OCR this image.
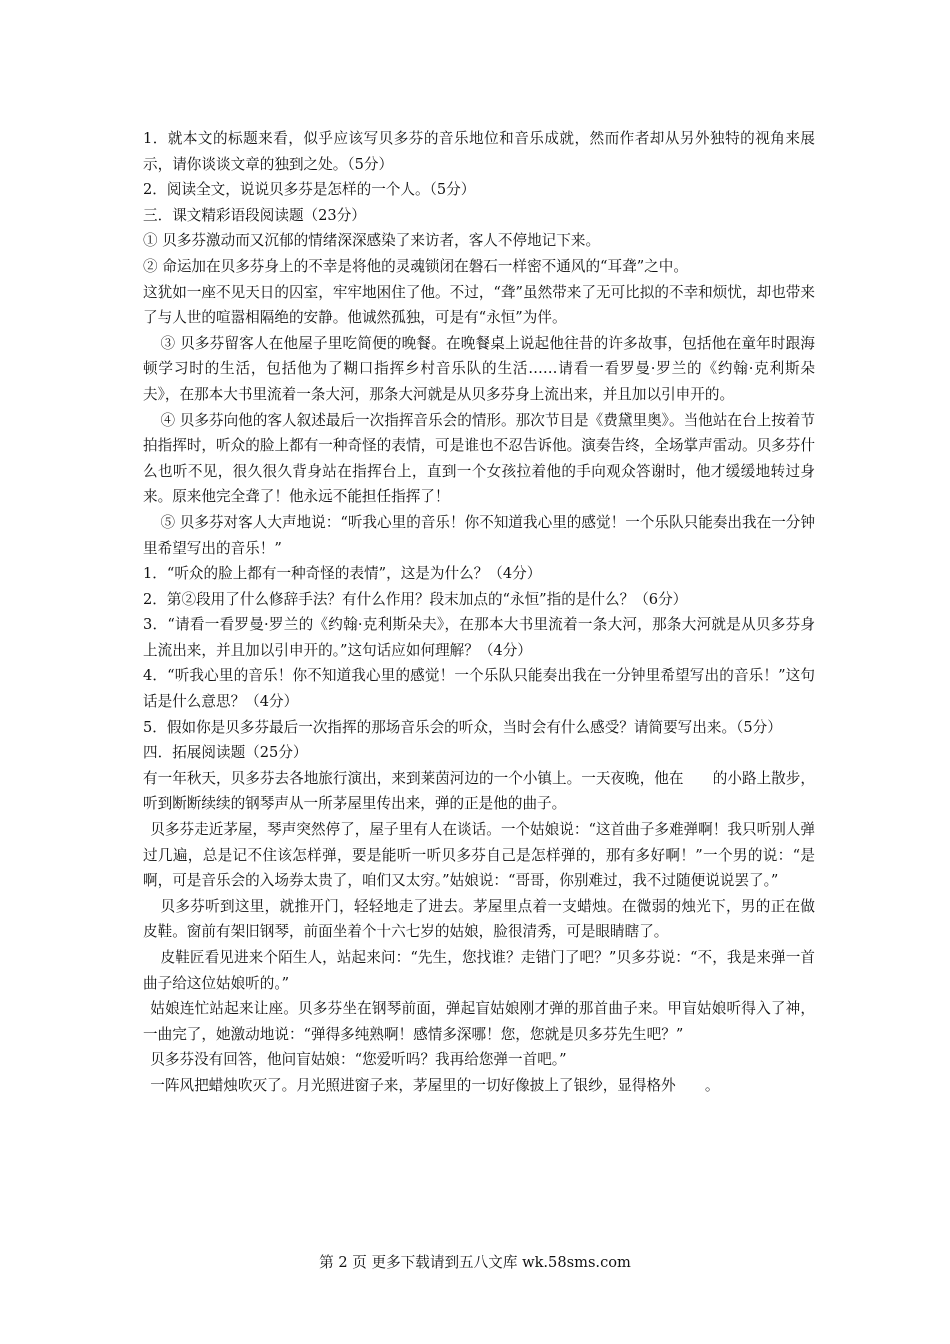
1．就本文的标题来看，似乎应该写贝多芬的音乐地位和音乐成就，然而作者却从另外独特的视角来展示，请你谈谈文章的独到之处。（5分）

2．阅读全文，说说贝多芬是怎样的一个人。（5分）

三．课文精彩语段阅读题（23分）

① 贝多芬激动而又沉郁的情绪深深感染了来访者，客人不停地记下来。

② 命运加在贝多芬身上的不幸是将他的灵魂锁闭在磐石一样密不通风的“耳聋”之中。

这犹如一座不见天日的囚室，牢牢地困住了他。不过，“聋”虽然带来了无可比拟的不幸和烦忧，却也带来了与人世的喧嚣相隔绝的安静。他诚然孤独，可是有“永恒”为伴。

③ 贝多芬留客人在他屋子里吃简便的晚餐。在晚餐桌上说起他往昔的许多故事，包括他在童年时跟海顿学习时的生活，包括他为了糊口指挥乡村音乐队的生活……请看一看罗曼·罗兰的《约翰·克利斯朵夫》，在那本大书里流着一条大河，那条大河就是从贝多芬身上流出来，并且加以引申开的。

④ 贝多芬向他的客人叙述最后一次指挥音乐会的情形。那次节目是《费黛里奥》。当他站在台上按着节拍指挥时，听众的脸上都有一种奇怪的表情，可是谁也不忍告诉他。演奏告终，全场掌声雷动。贝多芬什么也听不见，很久很久背身站在指挥台上，直到一个女孩拉着他的手向观众答谢时，他才缓缓地转过身来。原来他完全聋了！他永远不能担任指挥了！

⑤ 贝多芬对客人大声地说：“听我心里的音乐！你不知道我心里的感觉！一个乐队只能奏出我在一分钟里希望写出的音乐！”

1．“听众的脸上都有一种奇怪的表情”，这是为什么？（4分）

2．第②段用了什么修辞手法？有什么作用？段末加点的“永恒”指的是什么？（6分）

3．“请看一看罗曼·罗兰的《约翰·克利斯朵夫》，在那本大书里流着一条大河，那条大河就是从贝多芬身上流出来，并且加以引申开的。”这句话应如何理解？（4分）

4．“听我心里的音乐！你不知道我心里的感觉！一个乐队只能奏出我在一分钟里希望写出的音乐！”这句话是什么意思？（4分）

5．假如你是贝多芬最后一次指挥的那场音乐会的听众，当时会有什么感受？请简要写出来。（5分）

四．拓展阅读题（25分）

有一年秋天，贝多芬去各地旅行演出，来到莱茵河边的一个小镇上。一天夜晚，他在　　的小路上散步，听到断断续续的钢琴声从一所茅屋里传出来，弹的正是他的曲子。

贝多芬走近茅屋，琴声突然停了，屋子里有人在谈话。一个姑娘说：“这首曲子多难弹啊！我只听别人弹过几遍，总是记不住该怎样弹，要是能听一听贝多芬自己是怎样弹的，那有多好啊！”一个男的说：“是啊，可是音乐会的入场券太贵了，咱们又太穷。”姑娘说：“哥哥，你别难过，我不过随便说说罢了。”

贝多芬听到这里，就推开门，轻轻地走了进去。茅屋里点着一支蜡烛。在微弱的烛光下，男的正在做皮鞋。窗前有架旧钢琴，前面坐着个十六七岁的姑娘，脸很清秀，可是眼睛瞎了。

皮鞋匠看见进来个陌生人，站起来问：“先生，您找谁？走错门了吧？”贝多芬说：“不，我是来弹一首曲子给这位姑娘听的。”

姑娘连忙站起来让座。贝多芬坐在钢琴前面，弹起盲姑娘刚才弹的那首曲子来。甲盲姑娘听得入了神，一曲完了，她激动地说：“弹得多纯熟啊！感情多深哪！您，您就是贝多芬先生吧？”

贝多芬没有回答，他问盲姑娘：“您爱听吗？我再给您弹一首吧。”

一阵风把蜡烛吹灭了。月光照进窗子来，茅屋里的一切好像披上了银纱，显得格外　　。

第 2 页 更多下载请到五八文库 wk.58sms.com
